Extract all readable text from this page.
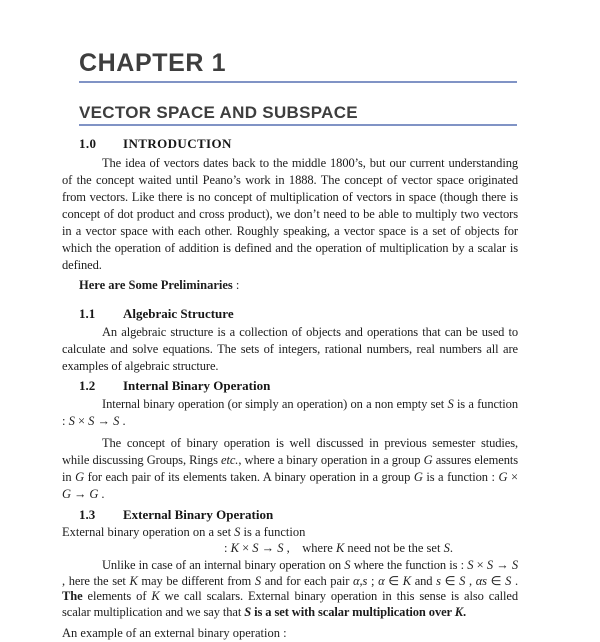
CHAPTER 1
VECTOR SPACE AND SUBSPACE
1.0	INTRODUCTION

The idea of vectors dates back to the middle 1800’s, but our current understanding of the concept waited until Peano’s work in 1888. The concept of vector space originated from vectors. Like there is no concept of multiplication of vectors in space (though there is concept of dot product and cross product), we don’t need to be able to multiply two vectors in a vector space with each other. Roughly speaking, a vector space is a set of objects for which the operation of addition is defined and the operation of multiplication by a scalar is defined.

Here are Some Preliminaries :

1.1	Algebraic Structure

An algebraic structure is a collection of objects and operations that can be used to calculate and solve equations. The sets of integers, rational numbers, real numbers all are examples of algebraic structure.

1.2	Internal Binary Operation

Internal binary operation (or simply an operation) on a non empty set S is a function

: S × S → S .

The concept of binary operation is well discussed in previous semester studies, while discussing Groups, Rings etc., where a binary operation in a group G assures elements in G for each pair of its elements taken. A binary operation in a group G is a function : G × G → G .

1.3	External Binary Operation

External binary operation on a set S is a function

: K × S → S ,    where K need not be the set S.

Unlike in case of an internal binary operation on S where the function is : S × S → S , here the set K may be different from S and for each pair α,s ; α ∈ K and s ∈ S , αs ∈ S . The elements of K we call scalars. External binary operation in this sense is also called scalar multiplication and we say that S is a set with scalar multiplication over K.

An example of an external binary operation :
